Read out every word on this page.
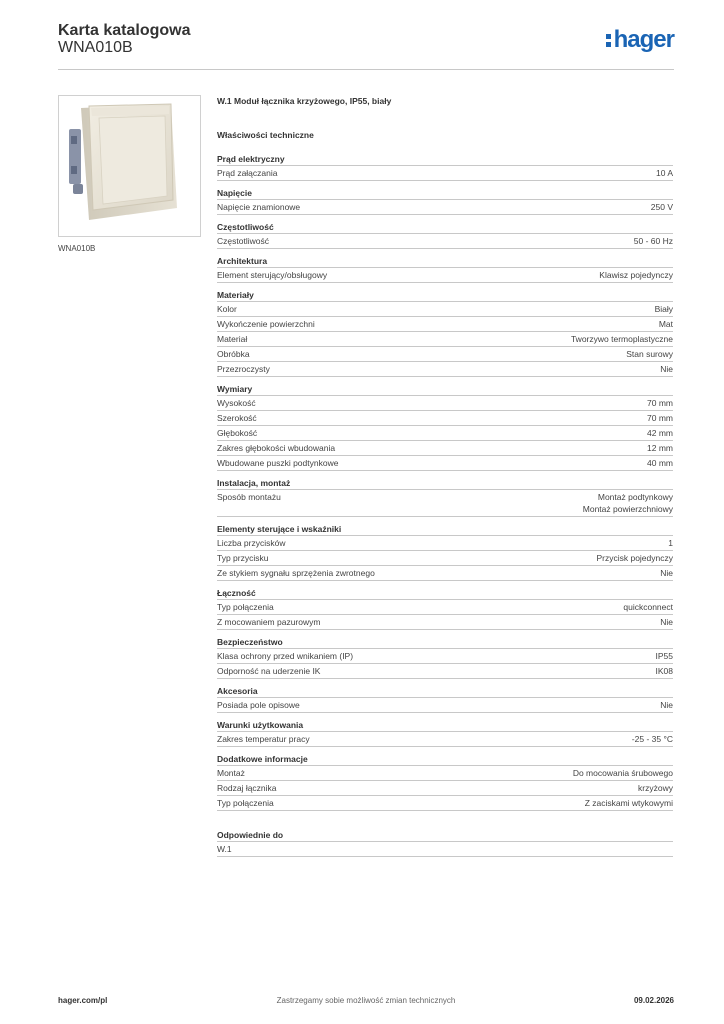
Karta katalogowa
WNA010B	hager
WNA010B
W.1 Moduł łącznika krzyżowego, IP55, biały
Właściwości techniczne
Prąd elektryczny
Prąd załączania	10 A
Napięcie
Napięcie znamionowe	250 V
Częstotliwość
Częstotliwość	50 - 60 Hz
Architektura
Element sterujący/obsługowy	Klawisz pojedynczy
Materiały
Kolor	Biały
Wykończenie powierzchni	Mat
Materiał	Tworzywo termoplastyczne
Obróbka	Stan surowy
Przezroczysty	Nie
Wymiary
Wysokość	70 mm
Szerokość	70 mm
Głębokość	42 mm
Zakres głębokości wbudowania	12 mm
Wbudowane puszki podtynkowe	40 mm
Instalacja, montaż
Sposób montażu	Montaż podtynkowy
Montaż powierzchniowy
Elementy sterujące i wskaźniki
Liczba przycisków	1
Typ przycisku	Przycisk pojedynczy
Ze stykiem sygnału sprzężenia zwrotnego	Nie
Łączność
Typ połączenia	quickconnect
Z mocowaniem pazurowym	Nie
Bezpieczeństwo
Klasa ochrony przed wnikaniem (IP)	IP55
Odporność na uderzenie IK	IK08
Akcesoria
Posiada pole opisowe	Nie
Warunki użytkowania
Zakres temperatur pracy	-25 - 35 °C
Dodatkowe informacje
Montaż	Do mocowania śrubowego
Rodzaj łącznika	krzyżowy
Typ połączenia	Z zaciskami wtykowymi
Odpowiednie do
W.1
hager.com/pl	Zastrzegamy sobie możliwość zmian technicznych	09.02.2026
